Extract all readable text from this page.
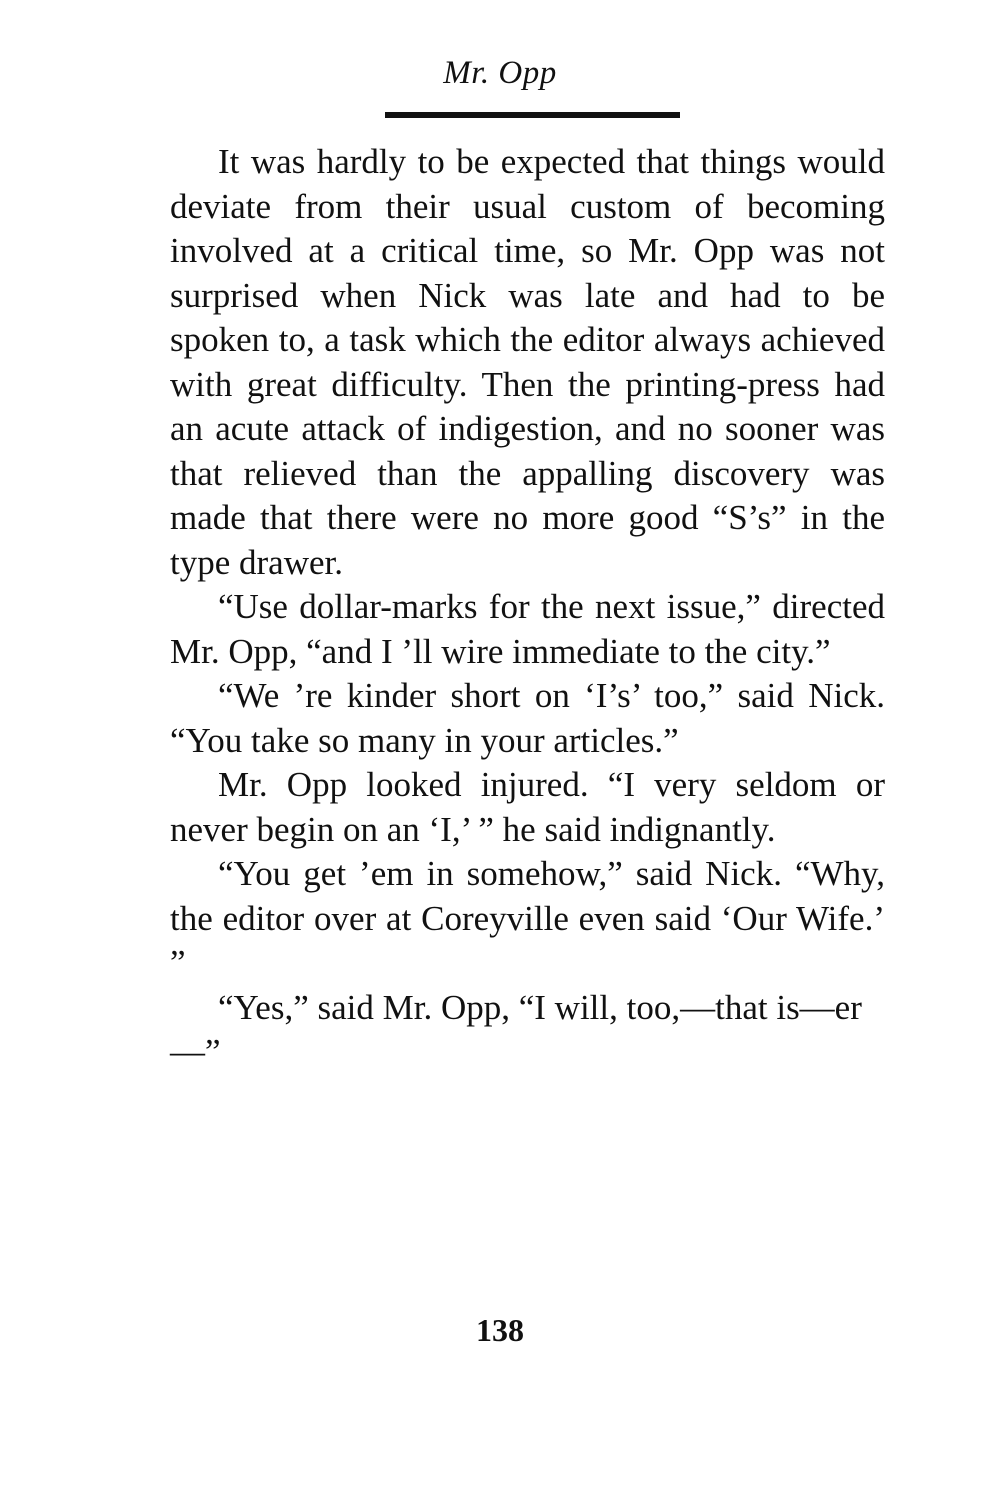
Mr. Opp

It was hardly to be expected that things would deviate from their usual custom of becoming involved at a critical time, so Mr. Opp was not surprised when Nick was late and had to be spoken to, a task which the editor always achieved with great difficulty. Then the printing-press had an acute attack of indigestion, and no sooner was that relieved than the appalling discovery was made that there were no more good “S’s” in the type drawer.

“Use dollar-marks for the next issue,” directed Mr. Opp, “and I ’ll wire immediate to the city.”

“We ’re kinder short on ‘I’s’ too,” said Nick. “You take so many in your articles.”

Mr. Opp looked injured. “I very seldom or never begin on an ‘I,’ ” he said indignantly.

“You get ’em in somehow,” said Nick. “Why, the editor over at Coreyville even said ‘Our Wife.’ ”

“Yes,” said Mr. Opp, “I will, too,—that is—er—”

138
